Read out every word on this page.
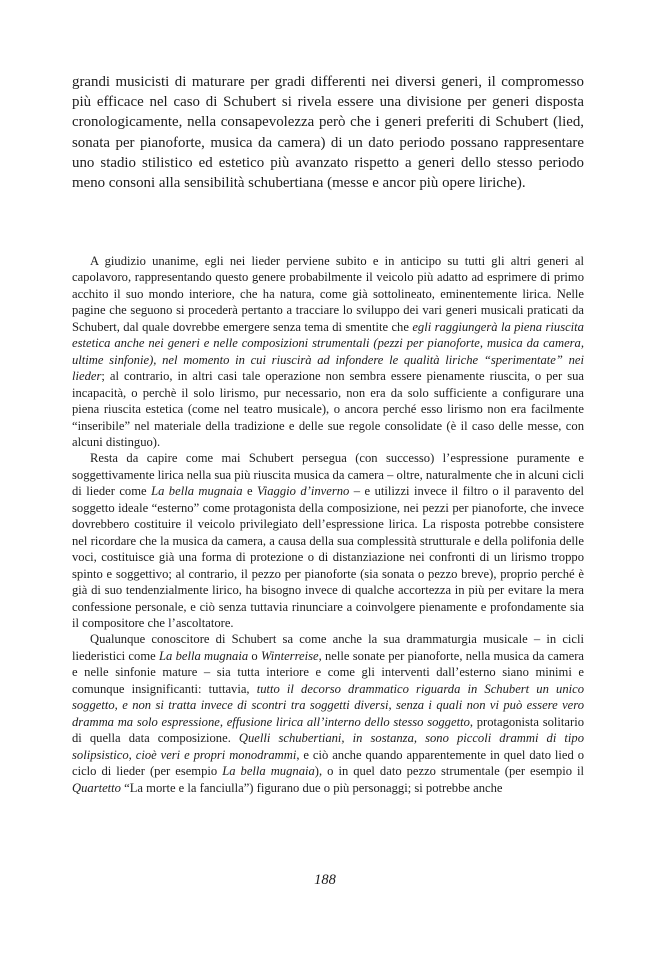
grandi musicisti di maturare per gradi differenti nei diversi generi, il compromesso più efficace nel caso di Schubert si rivela essere una divisione per generi disposta cronologicamente, nella consapevolezza però che i generi preferiti di Schubert (lied, sonata per pianoforte, musica da camera) di un dato periodo possano rappresentare uno stadio stilistico ed estetico più avanzato rispetto a generi dello stesso periodo meno consoni alla sensibilità schubertiana (messe e ancor più opere liriche).

A giudizio unanime, egli nei lieder perviene subito e in anticipo su tutti gli altri generi al capolavoro, rappresentando questo genere probabilmente il veicolo più adatto ad esprimere di primo acchito il suo mondo interiore, che ha natura, come già sottolineato, eminentemente lirica. Nelle pagine che seguono si procederà pertanto a tracciare lo sviluppo dei vari generi musicali praticati da Schubert, dal quale dovrebbe emergere senza tema di smentite che egli raggiungerà la piena riuscita estetica anche nei generi e nelle composizioni strumentali (pezzi per pianoforte, musica da camera, ultime sinfonie), nel momento in cui riuscirà ad infondere le qualità liriche “sperimentate” nei lieder; al contrario, in altri casi tale operazione non sembra essere pienamente riuscita, o per sua incapacità, o perchè il solo lirismo, pur necessario, non era da solo sufficiente a configurare una piena riuscita estetica (come nel teatro musicale), o ancora perché esso lirismo non era facilmente “inseribile” nel materiale della tradizione e delle sue regole consolidate (è il caso delle messe, con alcuni distinguo).

Resta da capire come mai Schubert persegua (con successo) l’espressione puramente e soggettivamente lirica nella sua più riuscita musica da camera – oltre, naturalmente che in alcuni cicli di lieder come La bella mugnaia e Viaggio d’inverno – e utilizzi invece il filtro o il paravento del soggetto ideale “esterno” come protagonista della composizione, nei pezzi per pianoforte, che invece dovrebbero costituire il veicolo privilegiato dell’espressione lirica. La risposta potrebbe consistere nel ricordare che la musica da camera, a causa della sua complessità strutturale e della polifonia delle voci, costituisce già una forma di protezione o di distanziazione nei confronti di un lirismo troppo spinto e soggettivo; al contrario, il pezzo per pianoforte (sia sonata o pezzo breve), proprio perché è già di suo tendenzialmente lirico, ha bisogno invece di qualche accortezza in più per evitare la mera confessione personale, e ciò senza tuttavia rinunciare a coinvolgere pienamente e profondamente sia il compositore che l’ascoltatore.

Qualunque conoscitore di Schubert sa come anche la sua drammaturgia musicale – in cicli liederistici come La bella mugnaia o Winterreise, nelle sonate per pianoforte, nella musica da camera e nelle sinfonie mature – sia tutta interiore e come gli interventi dall’esterno siano minimi e comunque insignificanti: tuttavia, tutto il decorso drammatico riguarda in Schubert un unico soggetto, e non si tratta invece di scontri tra soggetti diversi, senza i quali non vi può essere vero dramma ma solo espressione, effusione lirica all’interno dello stesso soggetto, protagonista solitario di quella data composizione. Quelli schubertiani, in sostanza, sono piccoli drammi di tipo solipsistico, cioè veri e propri monodrammi, e ciò anche quando apparentemente in quel dato lied o ciclo di lieder (per esempio La bella mugnaia), o in quel dato pezzo strumentale (per esempio il Quartetto “La morte e la fanciulla”) figurano due o più personaggi; si potrebbe anche

188
